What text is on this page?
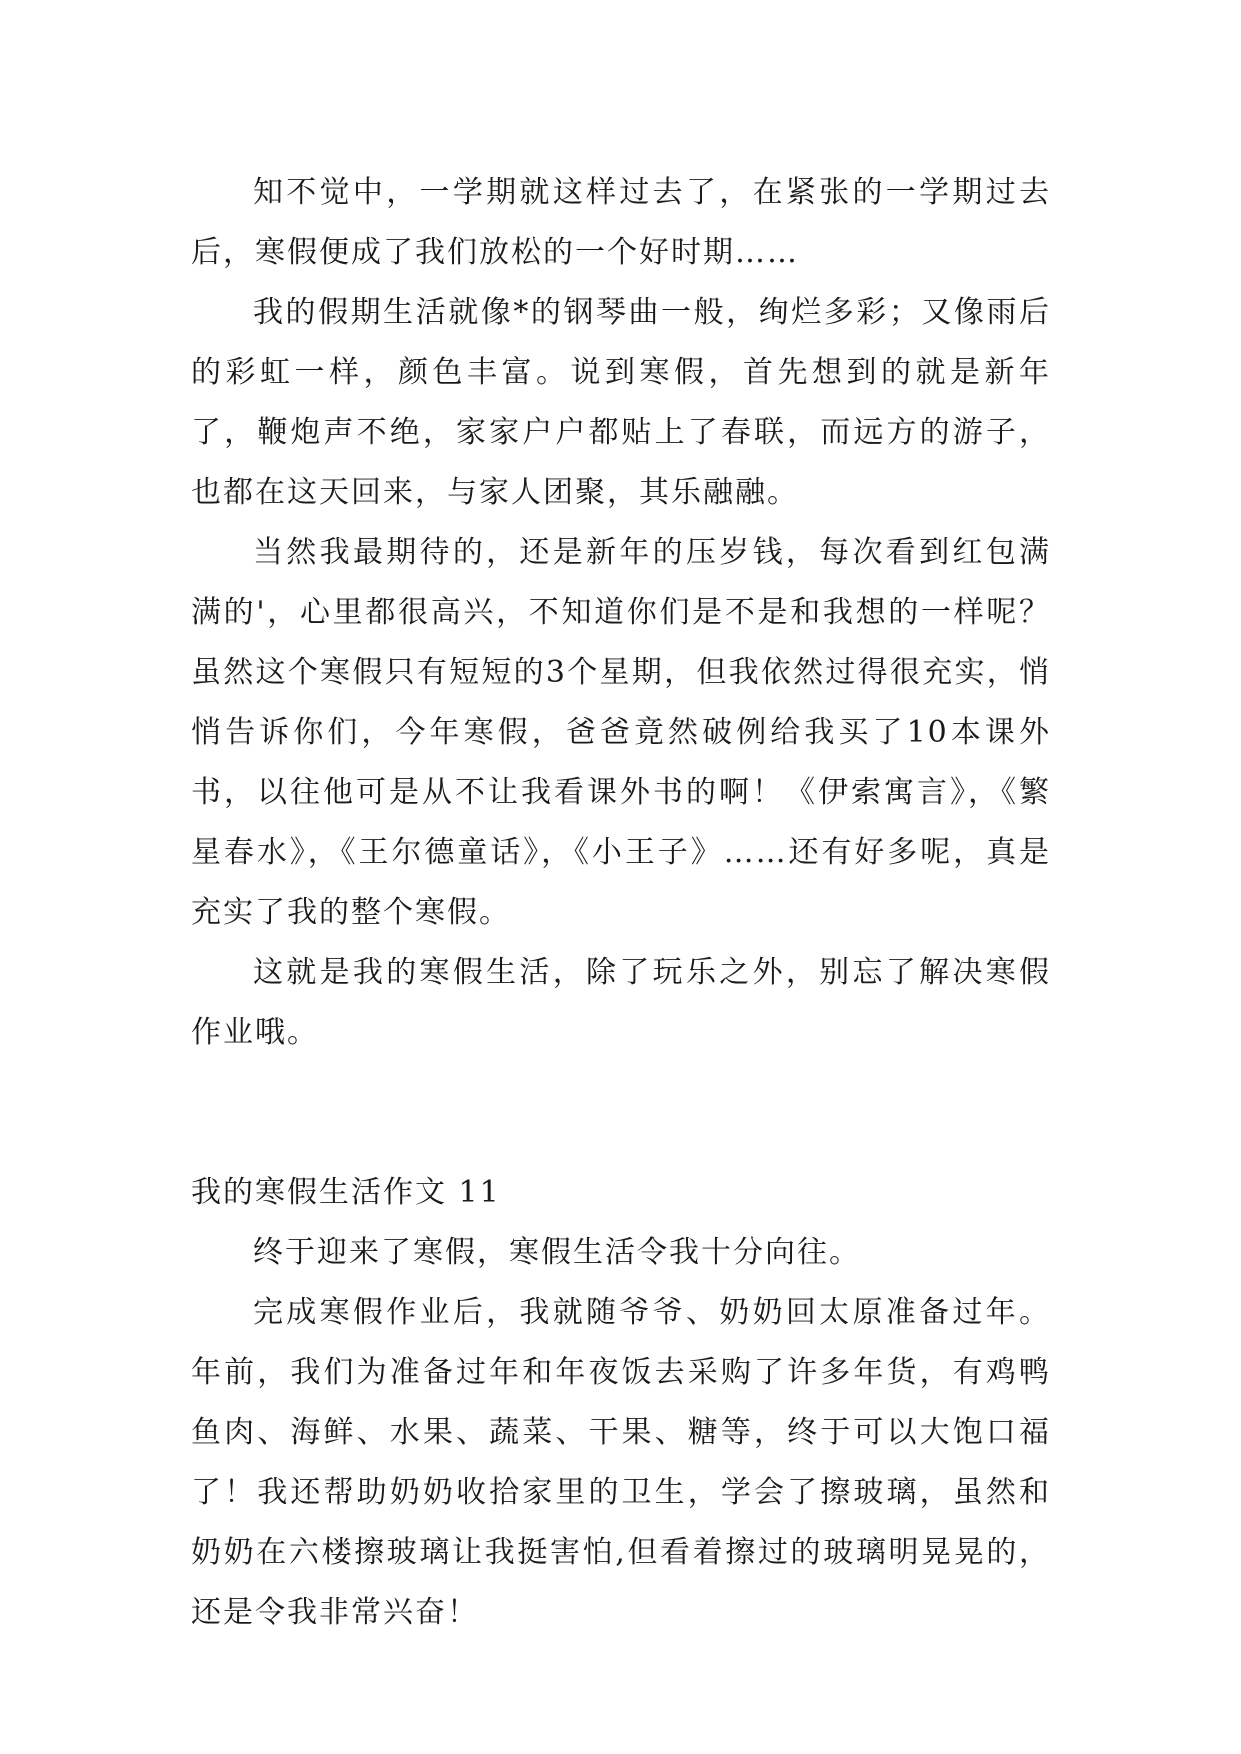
知不觉中，一学期就这样过去了，在紧张的一学期过去后，寒假便成了我们放松的一个好时期……

我的假期生活就像*的钢琴曲一般，绚烂多彩；又像雨后的彩虹一样，颜色丰富。说到寒假，首先想到的就是新年了，鞭炮声不绝，家家户户都贴上了春联，而远方的游子，也都在这天回来，与家人团聚，其乐融融。

当然我最期待的，还是新年的压岁钱，每次看到红包满满的'，心里都很高兴，不知道你们是不是和我想的一样呢？虽然这个寒假只有短短的3个星期，但我依然过得很充实，悄悄告诉你们，今年寒假，爸爸竟然破例给我买了10本课外书，以往他可是从不让我看课外书的啊！《伊索寓言》，《繁星春水》，《王尔德童话》，《小王子》……还有好多呢，真是充实了我的整个寒假。

这就是我的寒假生活，除了玩乐之外，别忘了解决寒假作业哦。

我的寒假生活作文 11

终于迎来了寒假，寒假生活令我十分向往。

完成寒假作业后，我就随爷爷、奶奶回太原准备过年。年前，我们为准备过年和年夜饭去采购了许多年货，有鸡鸭鱼肉、海鲜、水果、蔬菜、干果、糖等，终于可以大饱口福了！我还帮助奶奶收拾家里的卫生，学会了擦玻璃，虽然和奶奶在六楼擦玻璃让我挺害怕,但看着擦过的玻璃明晃晃的，还是令我非常兴奋！
